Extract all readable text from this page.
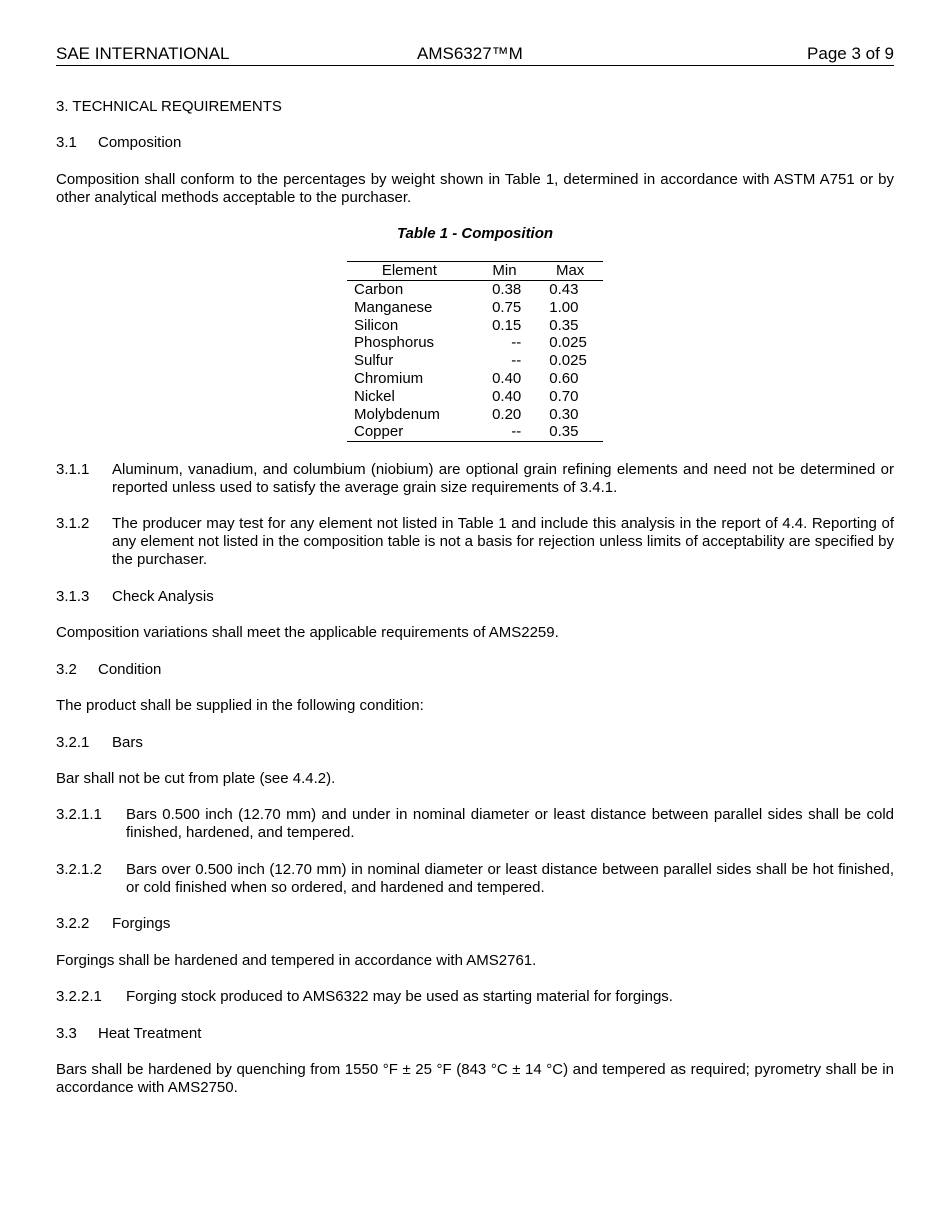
SAE INTERNATIONAL	AMS6327™M	Page 3 of 9
3. TECHNICAL REQUIREMENTS
3.1 Composition
Composition shall conform to the percentages by weight shown in Table 1, determined in accordance with ASTM A751 or by other analytical methods acceptable to the purchaser.
Table 1 - Composition
Element	Min	Max
Carbon	0.38	0.43
Manganese	0.75	1.00
Silicon	0.15	0.35
Phosphorus	--	0.025
Sulfur	--	0.025
Chromium	0.40	0.60
Nickel	0.40	0.70
Molybdenum	0.20	0.30
Copper	--	0.35
3.1.1 Aluminum, vanadium, and columbium (niobium) are optional grain refining elements and need not be determined or reported unless used to satisfy the average grain size requirements of 3.4.1.
3.1.2 The producer may test for any element not listed in Table 1 and include this analysis in the report of 4.4. Reporting of any element not listed in the composition table is not a basis for rejection unless limits of acceptability are specified by the purchaser.
3.1.3 Check Analysis
Composition variations shall meet the applicable requirements of AMS2259.
3.2 Condition
The product shall be supplied in the following condition:
3.2.1 Bars
Bar shall not be cut from plate (see 4.4.2).
3.2.1.1 Bars 0.500 inch (12.70 mm) and under in nominal diameter or least distance between parallel sides shall be cold finished, hardened, and tempered.
3.2.1.2 Bars over 0.500 inch (12.70 mm) in nominal diameter or least distance between parallel sides shall be hot finished, or cold finished when so ordered, and hardened and tempered.
3.2.2 Forgings
Forgings shall be hardened and tempered in accordance with AMS2761.
3.2.2.1 Forging stock produced to AMS6322 may be used as starting material for forgings.
3.3 Heat Treatment
Bars shall be hardened by quenching from 1550 °F ± 25 °F (843 °C ± 14 °C) and tempered as required; pyrometry shall be in accordance with AMS2750.
